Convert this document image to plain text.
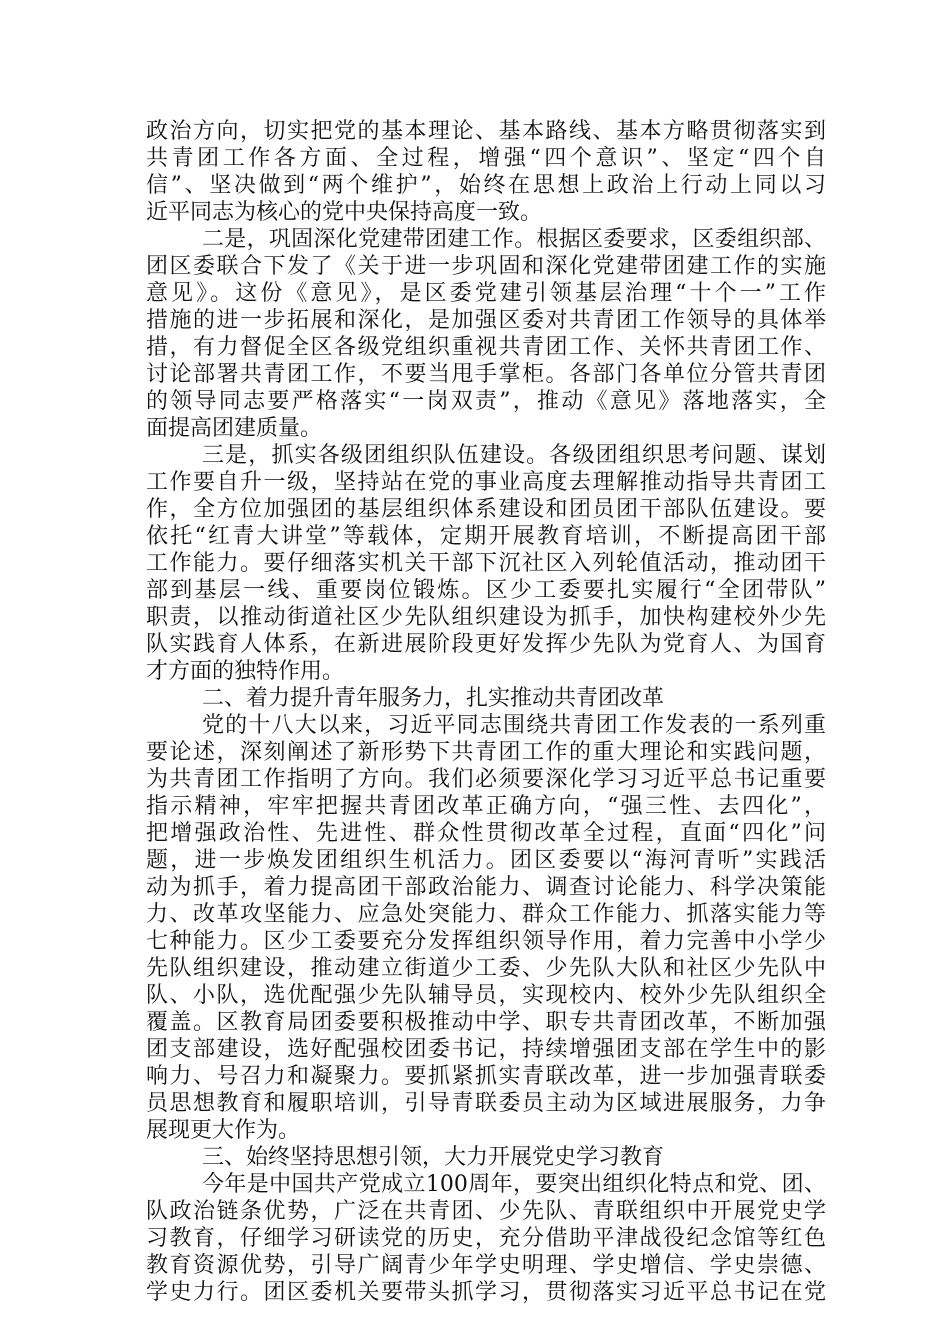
政治方向，切实把党的基本理论、基本路线、基本方略贯彻落实到
共青团工作各方面、全过程，增强“四个意识”、坚定“四个自
信”、坚决做到“两个维护”，始终在思想上政治上行动上同以习
近平同志为核心的党中央保持高度一致。
二是，巩固深化党建带团建工作。根据区委要求，区委组织部、
团区委联合下发了《关于进一步巩固和深化党建带团建工作的实施
意见》。这份《意见》，是区委党建引领基层治理“十个一”工作
措施的进一步拓展和深化，是加强区委对共青团工作领导的具体举
措，有力督促全区各级党组织重视共青团工作、关怀共青团工作、
讨论部署共青团工作，不要当甩手掌柜。各部门各单位分管共青团
的领导同志要严格落实“一岗双责”，推动《意见》落地落实，全
面提高团建质量。
三是，抓实各级团组织队伍建设。各级团组织思考问题、谋划
工作要自升一级，坚持站在党的事业高度去理解推动指导共青团工
作，全方位加强团的基层组织体系建设和团员团干部队伍建设。要
依托“红青大讲堂”等载体，定期开展教育培训，不断提高团干部
工作能力。要仔细落实机关干部下沉社区入列轮值活动，推动团干
部到基层一线、重要岗位锻炼。区少工委要扎实履行“全团带队”
职责，以推动街道社区少先队组织建设为抓手，加快构建校外少先
队实践育人体系，在新进展阶段更好发挥少先队为党育人、为国育
才方面的独特作用。
二、着力提升青年服务力，扎实推动共青团改革
党的十八大以来，习近平同志围绕共青团工作发表的一系列重
要论述，深刻阐述了新形势下共青团工作的重大理论和实践问题，
为共青团工作指明了方向。我们必须要深化学习习近平总书记重要
指示精神，牢牢把握共青团改革正确方向，“强三性、去四化”，
把增强政治性、先进性、群众性贯彻改革全过程，直面“四化”问
题，进一步焕发团组织生机活力。团区委要以“海河青听”实践活
动为抓手，着力提高团干部政治能力、调查讨论能力、科学决策能
力、改革攻坚能力、应急处突能力、群众工作能力、抓落实能力等
七种能力。区少工委要充分发挥组织领导作用，着力完善中小学少
先队组织建设，推动建立街道少工委、少先队大队和社区少先队中
队、小队，选优配强少先队辅导员，实现校内、校外少先队组织全
覆盖。区教育局团委要积极推动中学、职专共青团改革，不断加强
团支部建设，选好配强校团委书记，持续增强团支部在学生中的影
响力、号召力和凝聚力。要抓紧抓实青联改革，进一步加强青联委
员思想教育和履职培训，引导青联委员主动为区域进展服务，力争
展现更大作为。
三、始终坚持思想引领，大力开展党史学习教育
今年是中国共产党成立100周年，要突出组织化特点和党、团、
队政治链条优势，广泛在共青团、少先队、青联组织中开展党史学
习教育，仔细学习研读党的历史，充分借助平津战役纪念馆等红色
教育资源优势，引导广阔青少年学史明理、学史增信、学史崇德、
学史力行。团区委机关要带头抓学习，贯彻落实习近平总书记在党
